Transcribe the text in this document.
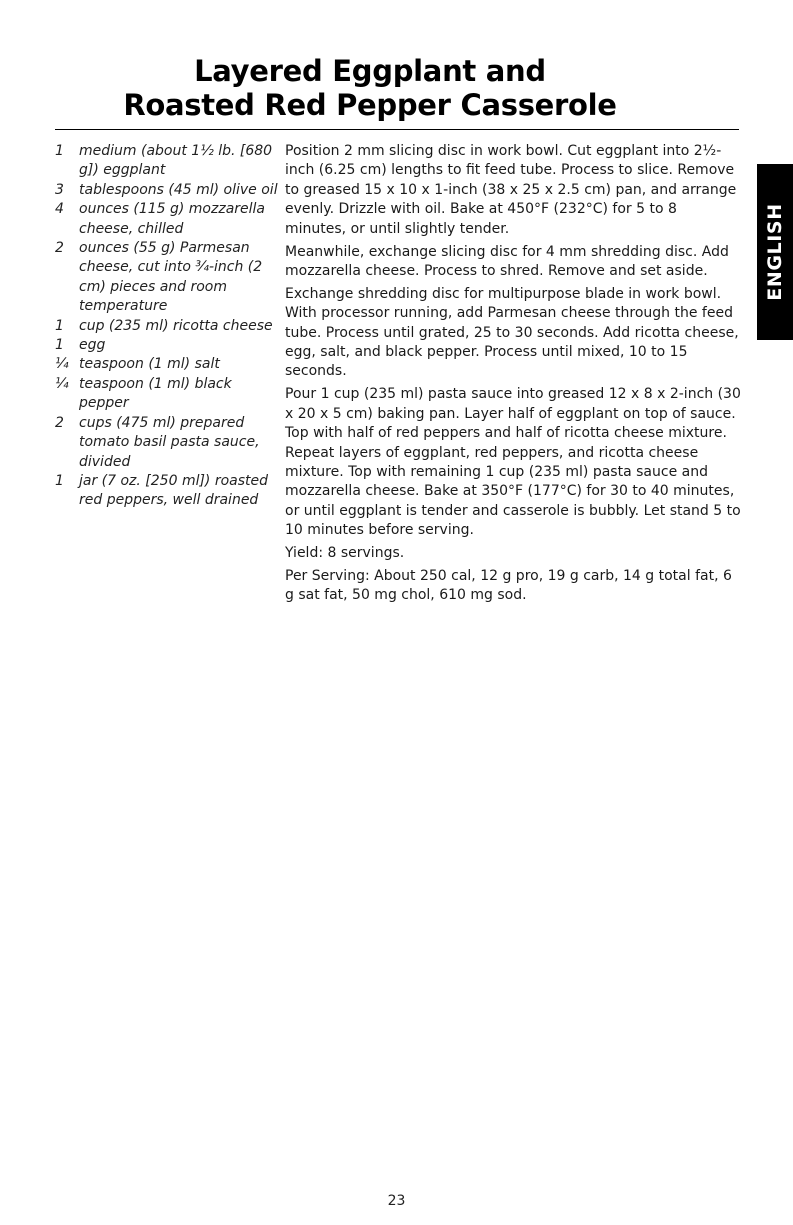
Layered Eggplant and
Roasted Red Pepper Casserole
1	medium (about 1½ lb. [680 g]) eggplant
3	tablespoons (45 ml) olive oil
4	ounces (115 g) mozzarella cheese, chilled
2	ounces (55 g) Parmesan cheese, cut into ¾-inch (2 cm) pieces and room temperature
1	cup (235 ml) ricotta cheese
1	egg
¼ teaspoon (1 ml) salt
¼ teaspoon (1 ml) black pepper
2	cups (475 ml) prepared tomato basil pasta sauce, divided
1	jar (7 oz. [250 ml]) roasted red peppers, well drained

Position 2 mm slicing disc in work bowl. Cut eggplant into 2½-inch (6.25 cm) lengths to fit feed tube. Process to slice. Remove to greased 15 x 10 x 1-inch (38 x 25 x 2.5 cm) pan, and arrange evenly. Drizzle with oil. Bake at 450°F (232°C) for 5 to 8 minutes, or until slightly tender.

Meanwhile, exchange slicing disc for 4 mm shredding disc. Add mozzarella cheese. Process to shred. Remove and set aside.

Exchange shredding disc for multipurpose blade in work bowl. With processor running, add Parmesan cheese through the feed tube. Process until grated, 25 to 30 seconds. Add ricotta cheese, egg, salt, and black pepper. Process until mixed, 10 to 15 seconds.

Pour 1 cup (235 ml) pasta sauce into greased 12 x 8 x 2-inch (30 x 20 x 5 cm) baking pan. Layer half of eggplant on top of sauce. Top with half of red peppers and half of ricotta cheese mixture. Repeat layers of eggplant, red peppers, and ricotta cheese mixture. Top with remaining 1 cup (235 ml) pasta sauce and mozzarella cheese. Bake at 350°F (177°C) for 30 to 40 minutes, or until eggplant is tender and casserole is bubbly. Let stand 5 to 10 minutes before serving.

Yield: 8 servings.

Per Serving: About 250 cal, 12 g pro, 19 g carb, 14 g total fat, 6 g sat fat, 50 mg chol, 610 mg sod.

ENGLISH
23
